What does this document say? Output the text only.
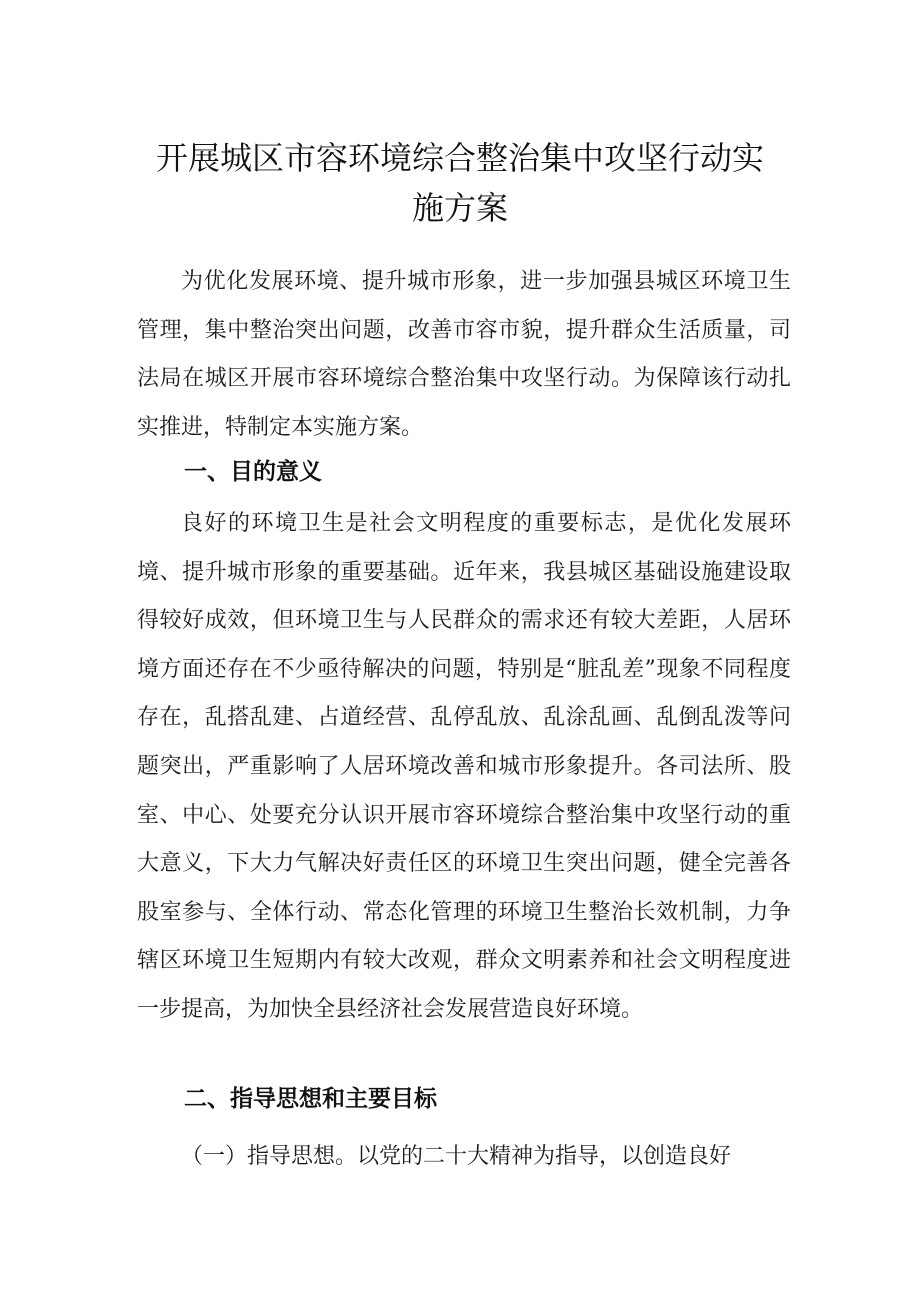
开展城区市容环境综合整治集中攻坚行动实
施方案

为优化发展环境、提升城市形象，进一步加强县城区环境卫生管理，集中整治突出问题，改善市容市貌，提升群众生活质量，司法局在城区开展市容环境综合整治集中攻坚行动。为保障该行动扎实推进，特制定本实施方案。

一、目的意义

良好的环境卫生是社会文明程度的重要标志，是优化发展环境、提升城市形象的重要基础。近年来，我县城区基础设施建设取得较好成效，但环境卫生与人民群众的需求还有较大差距，人居环境方面还存在不少亟待解决的问题，特别是“脏乱差”现象不同程度存在，乱搭乱建、占道经营、乱停乱放、乱涂乱画、乱倒乱泼等问题突出，严重影响了人居环境改善和城市形象提升。各司法所、股室、中心、处要充分认识开展市容环境综合整治集中攻坚行动的重大意义，下大力气解决好责任区的环境卫生突出问题，健全完善各股室参与、全体行动、常态化管理的环境卫生整治长效机制，力争辖区环境卫生短期内有较大改观，群众文明素养和社会文明程度进一步提高，为加快全县经济社会发展营造良好环境。

二、指导思想和主要目标

（一）指导思想。以党的二十大精神为指导，以创造良好
